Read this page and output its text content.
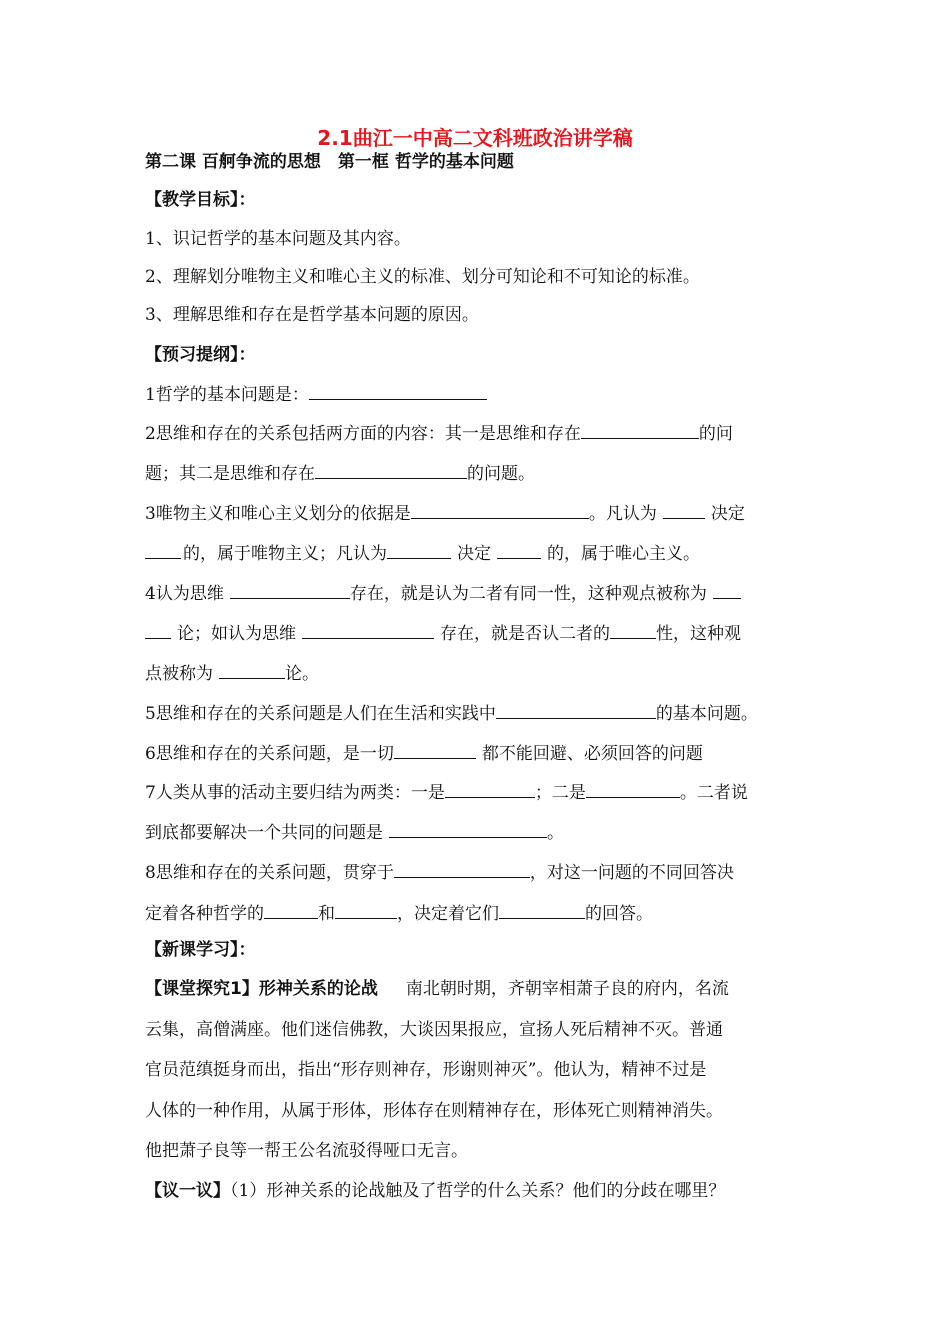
2.1曲江一中高二文科班政治讲学稿
第二课 百舸争流的思想　第一框 哲学的基本问题
【教学目标】：
1、识记哲学的基本问题及其内容。
2、理解划分唯物主义和唯心主义的标准、划分可知论和不可知论的标准。
3、理解思维和存在是哲学基本问题的原因。
【预习提纲】：
1哲学的基本问题是：
2思维和存在的关系包括两方面的内容：其一是思维和存在	的问
题；其二是思维和存在	的问题。
3唯物主义和唯心主义划分的依据是	。凡认为	决定
的，属于唯物主义；凡认为	决定	的，属于唯心主义。
4认为思维	存在，就是认为二者有同一性，这种观点被称为
论；如认为思维	存在，就是否认二者的	性，这种观
点被称为	论。
5思维和存在的关系问题是人们在生活和实践中	的基本问题。
6思维和存在的关系问题，是一切	都不能回避、必须回答的问题
7人类从事的活动主要归结为两类：一是	；二是	。二者说
到底都要解决一个共同的问题是	。
8思维和存在的关系问题，贯穿于	，对这一问题的不同回答决
定着各种哲学的	和	，决定着它们	的回答。
【新课学习】：
【课堂探究1】形神关系的论战 南北朝时期，齐朝宰相萧子良的府内，名流
云集，高僧满座。他们迷信佛教，大谈因果报应，宣扬人死后精神不灭。普通
官员范缜挺身而出，指出“形存则神存，形谢则神灭”。他认为，精神不过是
人体的一种作用，从属于形体，形体存在则精神存在，形体死亡则精神消失。
他把萧子良等一帮王公名流驳得哑口无言。
【议一议】（1）形神关系的论战触及了哲学的什么关系？他们的分歧在哪里？
